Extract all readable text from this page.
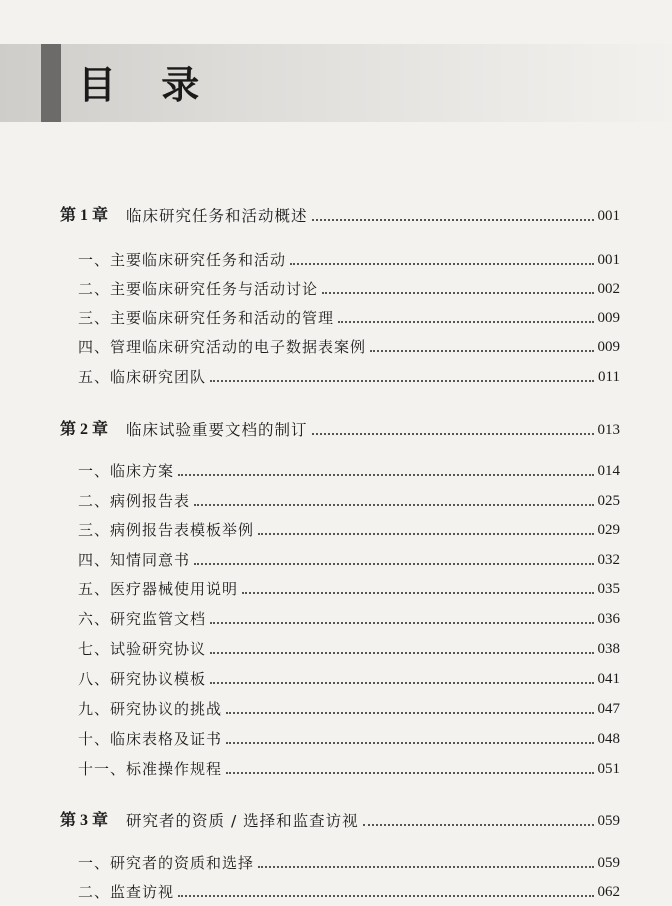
目 录
第 1 章 临床研究任务和活动概述	001
一、主要临床研究任务和活动	001
二、主要临床研究任务与活动讨论	002
三、主要临床研究任务和活动的管理	009
四、管理临床研究活动的电子数据表案例	009
五、临床研究团队	011
第 2 章 临床试验重要文档的制订	013
一、临床方案	014
二、病例报告表	025
三、病例报告表模板举例	029
四、知情同意书	032
五、医疗器械使用说明	035
六、研究监管文档	036
七、试验研究协议	038
八、研究协议模板	041
九、研究协议的挑战	047
十、临床表格及证书	048
十一、标准操作规程	051
第 3 章 研究者的资质 / 选择和监查访视	059
一、研究者的资质和选择	059
二、监查访视	062
